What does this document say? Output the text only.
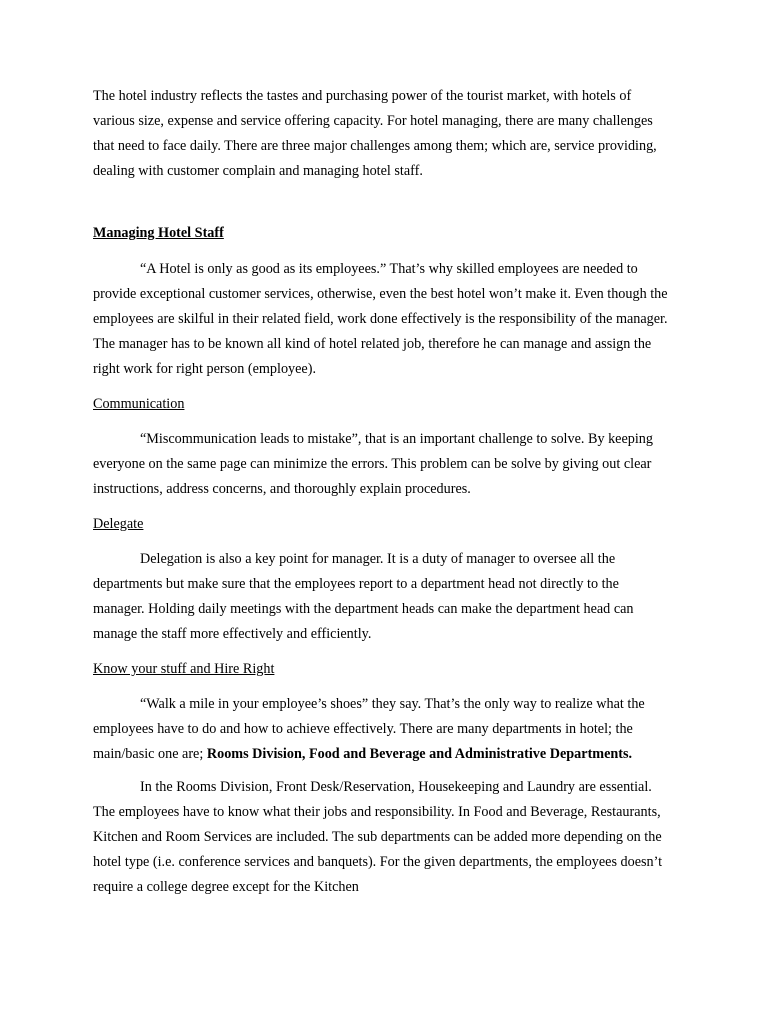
The hotel industry reflects the tastes and purchasing power of the tourist market, with hotels of various size, expense and service offering capacity. For hotel managing, there are many challenges that need to face daily. There are three major challenges among them; which are, service providing, dealing with customer complain and managing hotel staff.

Managing Hotel Staff

“A Hotel is only as good as its employees.” That’s why skilled employees are needed to provide exceptional customer services, otherwise, even the best hotel won’t make it. Even though the employees are skilful in their related field, work done effectively is the responsibility of the manager. The manager has to be known all kind of hotel related job, therefore he can manage and assign the right work for right person (employee).

Communication

“Miscommunication leads to mistake”, that is an important challenge to solve. By keeping everyone on the same page can minimize the errors. This problem can be solve by giving out clear instructions, address concerns, and thoroughly explain procedures.

Delegate

Delegation is also a key point for manager. It is a duty of manager to oversee all the departments but make sure that the employees report to a department head not directly to the manager. Holding daily meetings with the department heads can make the department head can manage the staff more effectively and efficiently.

Know your stuff and Hire Right

“Walk a mile in your employee’s shoes” they say. That’s the only way to realize what the employees have to do and how to achieve effectively. There are many departments in hotel; the main/basic one are; Rooms Division, Food and Beverage and Administrative Departments.

In the Rooms Division, Front Desk/Reservation, Housekeeping and Laundry are essential. The employees have to know what their jobs and responsibility. In Food and Beverage, Restaurants, Kitchen and Room Services are included. The sub departments can be added more depending on the hotel type (i.e. conference services and banquets). For the given departments, the employees doesn’t require a college degree except for the Kitchen
